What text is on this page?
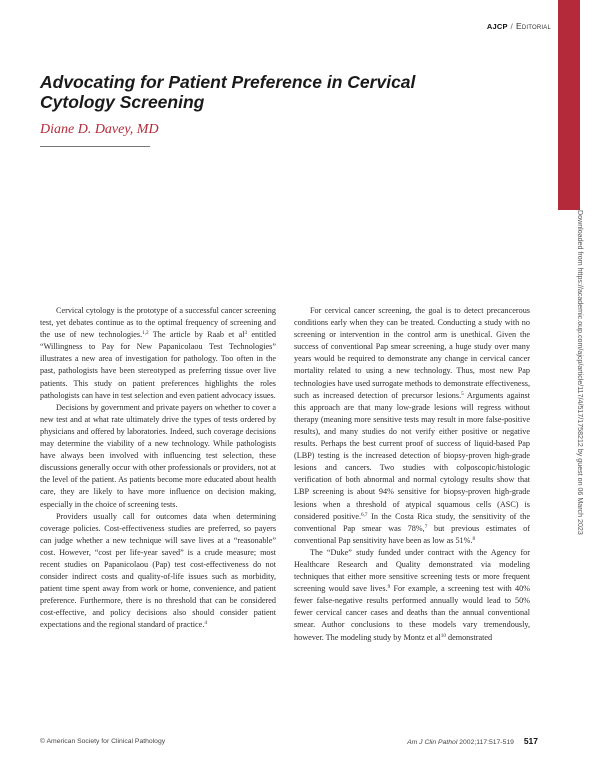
AJCP / Editorial
Downloaded from https://academic.oup.com/ajcp/article/117/4/517/1758212 by guest on 06 March 2023
Advocating for Patient Preference in Cervical Cytology Screening
Diane D. Davey, MD

Cervical cytology is the prototype of a successful cancer screening test, yet debates continue as to the optimal frequency of screening and the use of new technologies.$^{1,2}$ The article by Raab et $al^3$ entitled “Willingness to Pay for New Papanicolaou Test Technologies” illustrates a new area of investigation for pathology. Too often in the past, pathologists have been stereotyped as preferring tissue over live patients. This study on patient preferences highlights the roles pathologists can have in test selection and even patient advocacy issues.

Decisions by government and private payers on whether to cover a new test and at what rate ultimately drive the types of tests ordered by physicians and offered by laboratories. Indeed, such coverage decisions may determine the viability of a new technology. While pathologists have always been involved with influencing test selection, these discussions generally occur with other professionals or providers, not at the level of the patient. As patients become more educated about health care, they are likely to have more influence on decision making, especially in the choice of screening tests.

Providers usually call for outcomes data when determining coverage policies. Cost-effectiveness studies are preferred, so payers can judge whether a new technique will save lives at a “reasonable” cost. However, “cost per life-year saved” is a crude measure; most recent studies on Papanicolaou (Pap) test cost-effectiveness do not consider indirect costs and quality-of-life issues such as morbidity, patient time spent away from work or home, convenience, and patient preference. Furthermore, there is no threshold that can be considered cost-effective, and policy decisions also should consider patient expectations and the regional standard of practice.$^4$

For cervical cancer screening, the goal is to detect precancerous conditions early when they can be treated. Conducting a study with no screening or intervention in the control arm is unethical. Given the success of conventional Pap smear screening, a huge study over many years would be required to demonstrate any change in cervical cancer mortality related to using a new technology. Thus, most new Pap technologies have used surrogate methods to demonstrate effectiveness, such as increased detection of precursor lesions.$^5$ Arguments against this approach are that many low-grade lesions will regress without therapy (meaning more sensitive tests may result in more false-positive results), and many studies do not verify either positive or negative results. Perhaps the best current proof of success of liquid-based Pap (LBP) testing is the increased detection of biopsy-proven high-grade lesions and cancers. Two studies with colposcopic/histologic verification of both abnormal and normal cytology results show that LBP screening is about 94% sensitive for biopsy-proven high-grade lesions when a threshold of atypical squamous cells (ASC) is considered positive.$^{6,7}$ In the Costa Rica study, the sensitivity of the conventional Pap smear was 78%,$^7$ but previous estimates of conventional Pap sensitivity have been as low as 51%.$^8$

The “Duke” study funded under contract with the Agency for Healthcare Research and Quality demonstrated via modeling techniques that either more sensitive screening tests or more frequent screening would save lives.$^9$ For example, a screening test with 40% fewer false-negative results performed annually would lead to 50% fewer cervical cancer cases and deaths than the annual conventional smear. Author conclusions to these models vary tremendously, however. The modeling study by Montz et $al^{10}$ demonstrated

© American Society for Clinical Pathology	Am J Clin Pathol 2002;117:517-519 517
